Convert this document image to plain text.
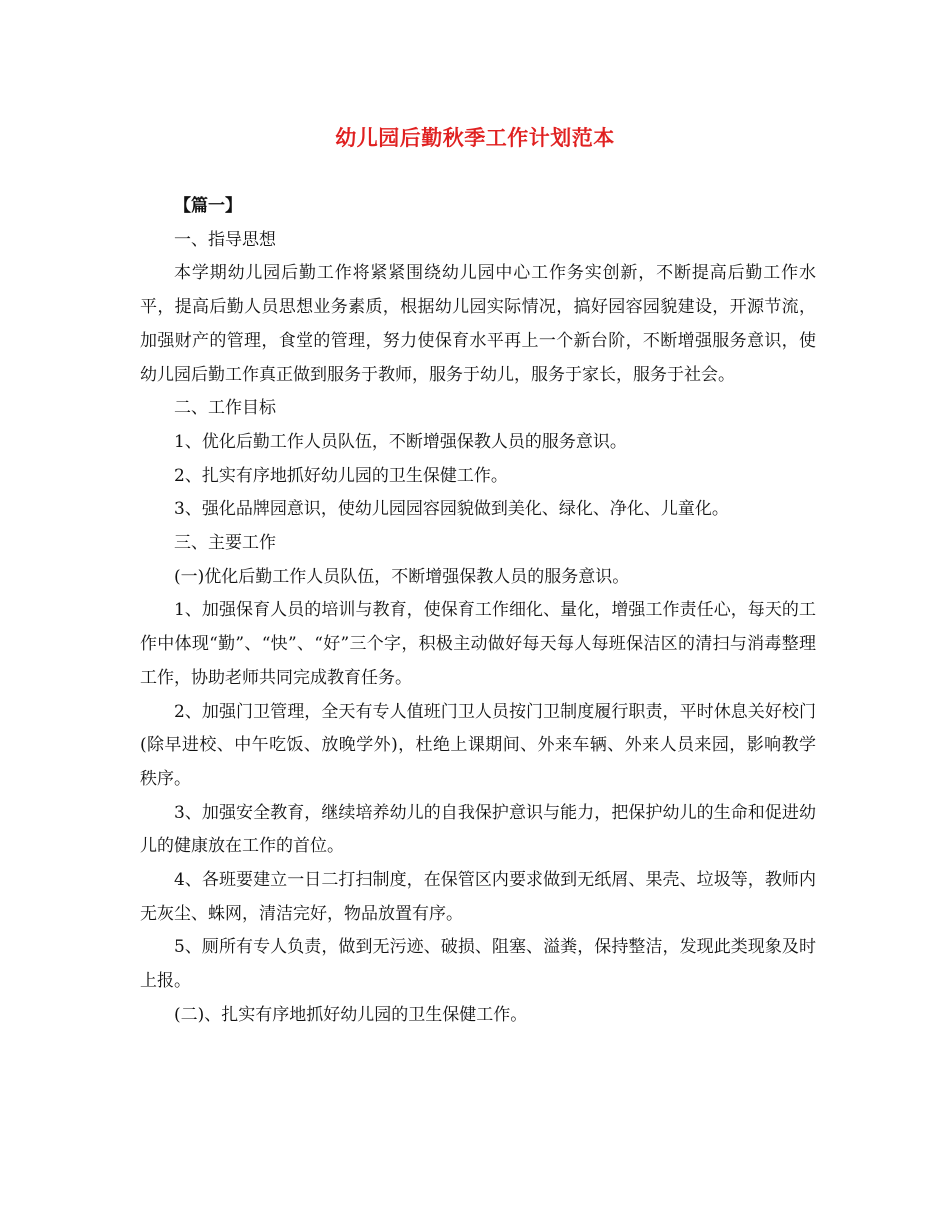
幼儿园后勤秋季工作计划范本

【篇一】

一、指导思想

本学期幼儿园后勤工作将紧紧围绕幼儿园中心工作务实创新，不断提高后勤工作水平，提高后勤人员思想业务素质，根据幼儿园实际情况，搞好园容园貌建设，开源节流，加强财产的管理，食堂的管理，努力使保育水平再上一个新台阶，不断增强服务意识，使幼儿园后勤工作真正做到服务于教师，服务于幼儿，服务于家长，服务于社会。

二、工作目标

1、优化后勤工作人员队伍，不断增强保教人员的服务意识。

2、扎实有序地抓好幼儿园的卫生保健工作。

3、强化品牌园意识，使幼儿园园容园貌做到美化、绿化、净化、儿童化。

三、主要工作

(一)优化后勤工作人员队伍，不断增强保教人员的服务意识。

1、加强保育人员的培训与教育，使保育工作细化、量化，增强工作责任心，每天的工作中体现“勤”、“快”、“好”三个字，积极主动做好每天每人每班保洁区的清扫与消毒整理工作，协助老师共同完成教育任务。

2、加强门卫管理，全天有专人值班门卫人员按门卫制度履行职责，平时休息关好校门(除早进校、中午吃饭、放晚学外)，杜绝上课期间、外来车辆、外来人员来园，影响教学秩序。

3、加强安全教育，继续培养幼儿的自我保护意识与能力，把保护幼儿的生命和促进幼儿的健康放在工作的首位。

4、各班要建立一日二打扫制度，在保管区内要求做到无纸屑、果壳、垃圾等，教师内无灰尘、蛛网，清洁完好，物品放置有序。

5、厕所有专人负责，做到无污迹、破损、阻塞、溢粪，保持整洁，发现此类现象及时上报。

(二)、扎实有序地抓好幼儿园的卫生保健工作。
